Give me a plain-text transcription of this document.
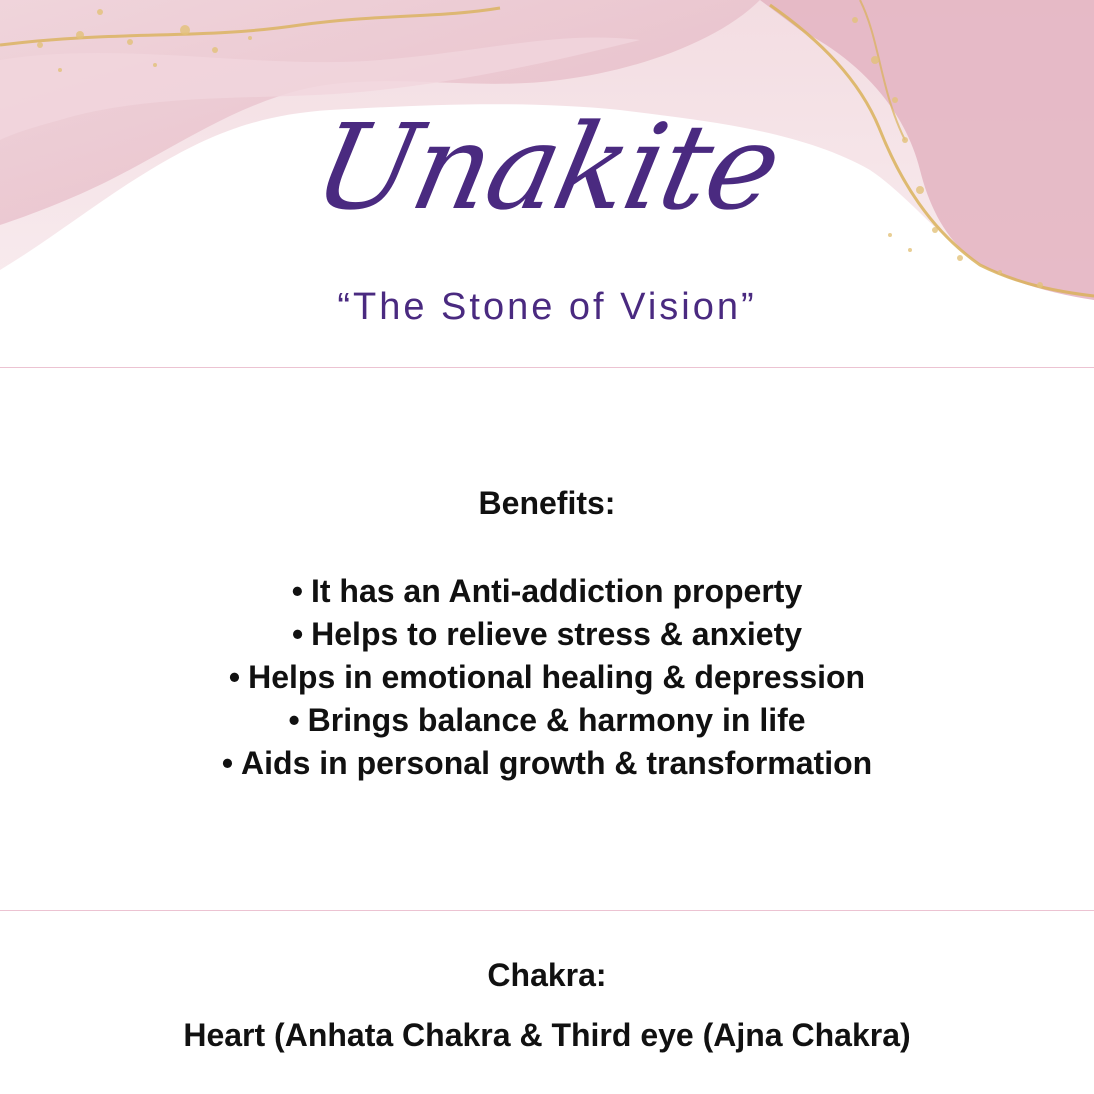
Unakite
“The Stone of Vision”

Benefits:

• It has an Anti-addiction property
• Helps to relieve stress & anxiety
• Helps in emotional healing & depression
• Brings balance & harmony in life
• Aids in personal growth & transformation

Chakra:

Heart (Anhata Chakra & Third eye (Ajna Chakra)
